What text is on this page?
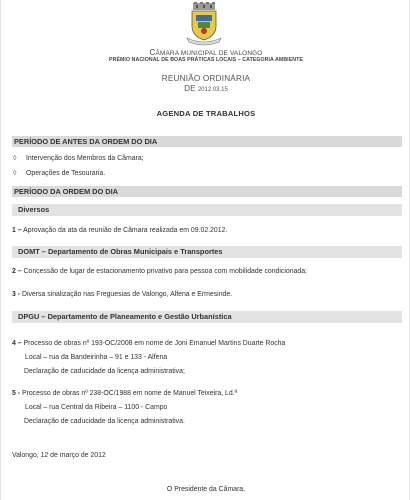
CÂMARA MUNICIPAL DE VALONGO
PRÉMIO NACIONAL DE BOAS PRÁTICAS LOCAIS – CATEGORIA AMBIENTE
REUNIÃO ORDINÁRIA
DE 2012.03.15
AGENDA DE TRABALHOS
PERÍODO DE ANTES DA ORDEM DO DIA
◊ Intervenção dos Membros da Câmara;
◊ Operações de Tesouraria.
PERÍODO DA ORDEM DO DIA
Diversos
1 – Aprovação da ata da reunião de Câmara realizada em 09.02.2012.
DOMT – Departamento de Obras Municipais e Transportes
2 – Concessão de lugar de estacionamento privativo para pessoa com mobilidade condicionada;
3 - Diversa sinalização nas Freguesias de Valongo, Alfena e Ermesinde.
DPGU – Departamento de Planeamento e Gestão Urbanística
4 – Processo de obras nº 193-OC/2008 em nome de Joni Emanuel Martins Duarte Rocha
Local – rua da Bandeirinha – 91 e 133 - Alfena
Declaração de caducidade da licença administrativa;
5 - Processo de obras nº 238-OC/1988 em nome de Manuel Teixeira, Ld.ª
Local – rua Central da Ribeira – 1100 - Campo
Declaração de caducidade da licença administrativa.
Valongo, 12 de março de 2012
O Presidente da Câmara,
